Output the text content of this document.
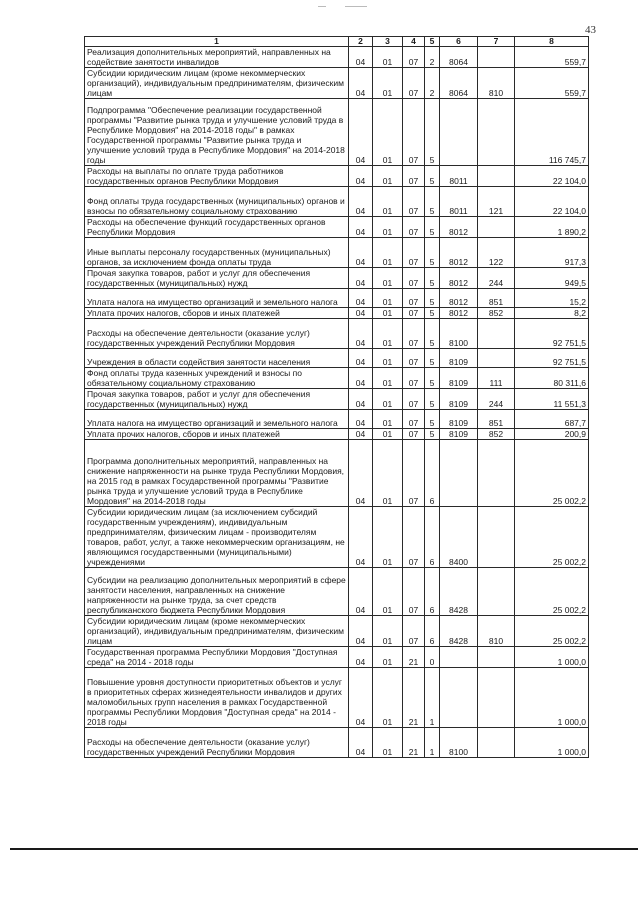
43
1	2	3	4	5	6	7	8
Реализация дополнительных мероприятий, направленных на содействие занятости инвалидов	04	01	07	2	8064		559,7
Субсидии юридическим лицам (кроме некоммерческих организаций), индивидуальным предпринимателям, физическим лицам	04	01	07	2	8064	810	559,7
Подпрограмма "Обеспечение реализации государственной программы "Развитие рынка труда и улучшение условий труда в Республике Мордовия" на 2014-2018 годы" в рамках Государственной программы "Развитие рынка труда и улучшение условий труда в Республике Мордовия" на 2014-2018 годы	04	01	07	5			116 745,7
Расходы на выплаты по оплате труда работников государственных органов Республики Мордовия	04	01	07	5	8011		22 104,0
Фонд оплаты труда государственных (муниципальных) органов и взносы по обязательному социальному страхованию	04	01	07	5	8011	121	22 104,0
Расходы на обеспечение функций государственных органов Республики Мордовия	04	01	07	5	8012		1 890,2
Иные выплаты персоналу государственных (муниципальных) органов, за исключением фонда оплаты труда	04	01	07	5	8012	122	917,3
Прочая закупка товаров, работ и услуг для обеспечения государственных (муниципальных) нужд	04	01	07	5	8012	244	949,5
Уплата налога на имущество организаций и земельного налога	04	01	07	5	8012	851	15,2
Уплата прочих налогов, сборов и иных платежей	04	01	07	5	8012	852	8,2
Расходы на обеспечение деятельности (оказание услуг) государственных учреждений Республики Мордовия	04	01	07	5	8100		92 751,5
Учреждения в области содействия занятости населения	04	01	07	5	8109		92 751,5
Фонд оплаты труда казенных учреждений и взносы по обязательному социальному страхованию	04	01	07	5	8109	111	80 311,6
Прочая закупка товаров, работ и услуг для обеспечения государственных (муниципальных) нужд	04	01	07	5	8109	244	11 551,3
Уплата налога на имущество организаций и земельного налога	04	01	07	5	8109	851	687,7
Уплата прочих налогов, сборов и иных платежей	04	01	07	5	8109	852	200,9
Программа дополнительных мероприятий, направленных на снижение напряженности на рынке труда Республики Мордовия, на 2015 год в рамках Государственной программы "Развитие рынка труда и улучшение условий труда в Республике Мордовия" на 2014-2018 годы	04	01	07	6			25 002,2
Субсидии юридическим лицам (за исключением субсидий государственным учреждениям), индивидуальным предпринимателям, физическим лицам - производителям товаров, работ, услуг, а также некоммерческим организациям, не являющимся государственными (муниципальными) учреждениями	04	01	07	6	8400		25 002,2
Субсидии на реализацию дополнительных мероприятий в сфере занятости населения, направленных на снижение напряженности на рынке труда, за счет средств республиканского бюджета Республики Мордовия	04	01	07	6	8428		25 002,2
Субсидии юридическим лицам (кроме некоммерческих организаций), индивидуальным предпринимателям, физическим лицам	04	01	07	6	8428	810	25 002,2
Государственная программа Республики Мордовия "Доступная среда" на 2014 - 2018 годы	04	01	21	0			1 000,0
Повышение уровня доступности приоритетных объектов и услуг в приоритетных сферах жизнедеятельности инвалидов и других маломобильных групп населения в рамках Государственной программы Республики Мордовия "Доступная среда" на 2014 - 2018 годы	04	01	21	1			1 000,0
Расходы на обеспечение деятельности (оказание услуг) государственных учреждений Республики Мордовия	04	01	21	1	8100		1 000,0
